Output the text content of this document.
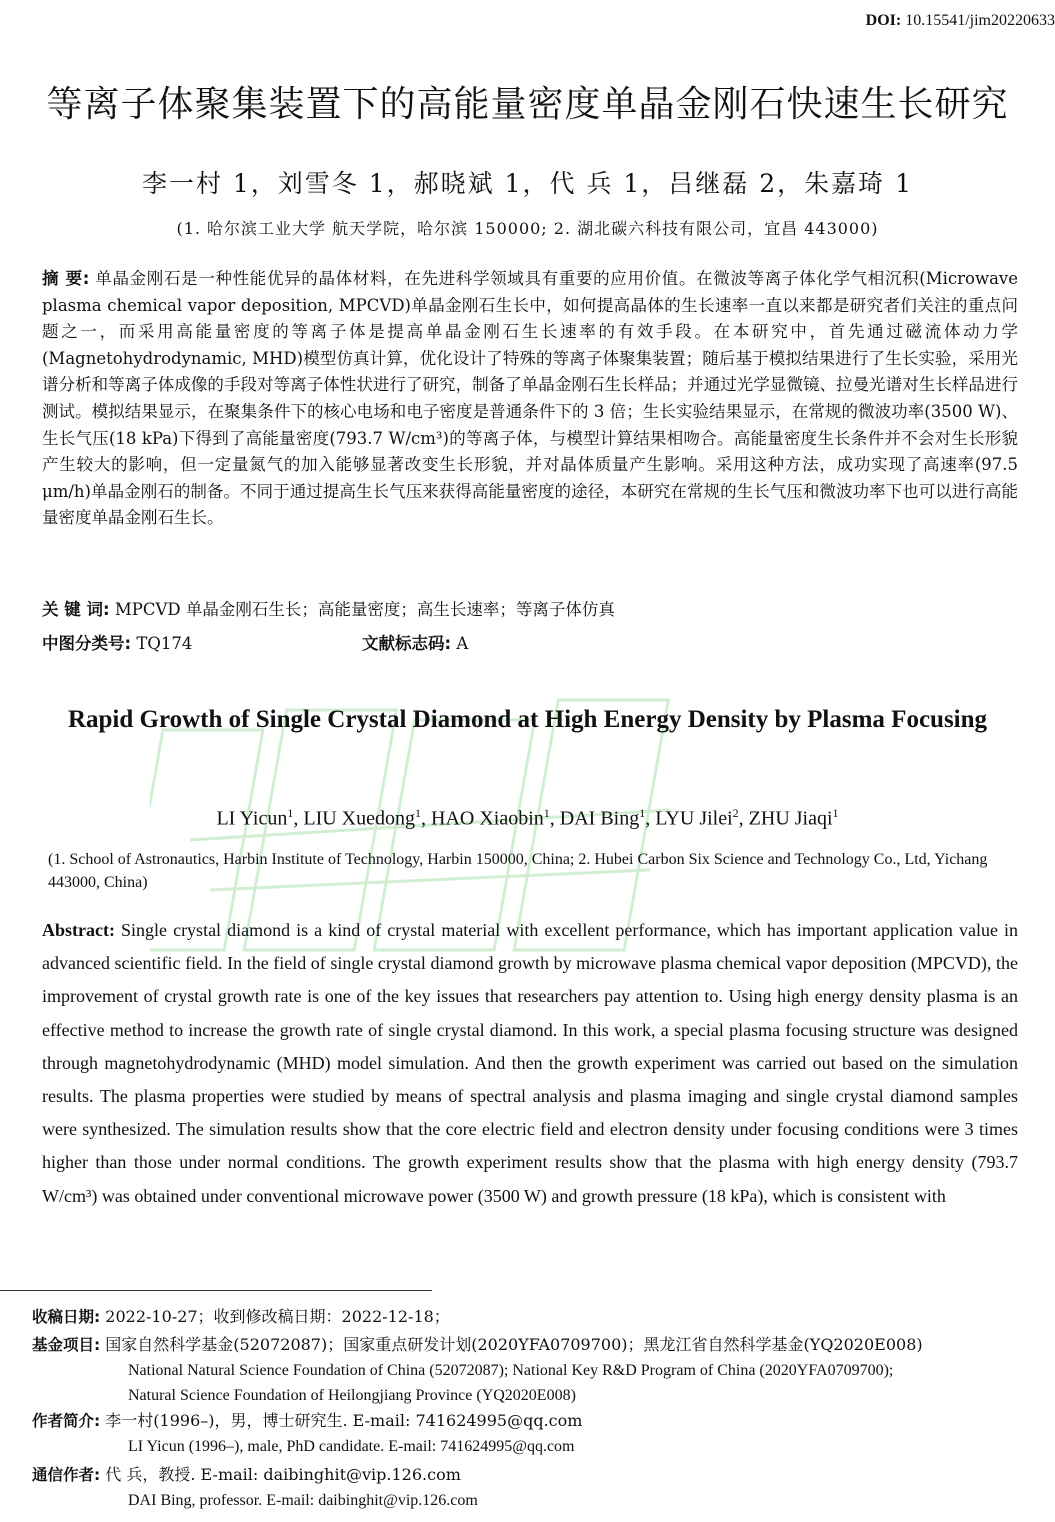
DOI: 10.15541/jim20220633
等离子体聚集装置下的高能量密度单晶金刚石快速生长研究
李一村 1，刘雪冬 1，郝晓斌 1，代 兵 1，吕继磊 2，朱嘉琦 1
(1. 哈尔滨工业大学 航天学院，哈尔滨 150000; 2. 湖北碳六科技有限公司，宜昌 443000)
摘 要: 单晶金刚石是一种性能优异的晶体材料，在先进科学领域具有重要的应用价值。在微波等离子体化学气相沉积(Microwave plasma chemical vapor deposition, MPCVD)单晶金刚石生长中，如何提高晶体的生长速率一直以来都是研究者们关注的重点问题之一，而采用高能量密度的等离子体是提高单晶金刚石生长速率的有效手段。在本研究中，首先通过磁流体动力学(Magnetohydrodynamic, MHD)模型仿真计算，优化设计了特殊的等离子体聚集装置；随后基于模拟结果进行了生长实验，采用光谱分析和等离子体成像的手段对等离子体性状进行了研究，制备了单晶金刚石生长样品；并通过光学显微镜、拉曼光谱对生长样品进行测试。模拟结果显示，在聚集条件下的核心电场和电子密度是普通条件下的 3 倍；生长实验结果显示，在常规的微波功率(3500 W)、生长气压(18 kPa)下得到了高能量密度(793.7 W/cm³)的等离子体，与模型计算结果相吻合。高能量密度生长条件并不会对生长形貌产生较大的影响，但一定量氮气的加入能够显著改变生长形貌，并对晶体质量产生影响。采用这种方法，成功实现了高速率(97.5 μm/h)单晶金刚石的制备。不同于通过提高生长气压来获得高能量密度的途径，本研究在常规的生长气压和微波功率下也可以进行高能量密度单晶金刚石生长。
关 键 词: MPCVD 单晶金刚石生长；高能量密度；高生长速率；等离子体仿真
中图分类号: TQ174	文献标志码: A
Rapid Growth of Single Crystal Diamond at High Energy Density by Plasma Focusing
LI Yicun$^1$, LIU Xuedong$^1$, HAO Xiaobin$^1$, DAI Bing$^1$, LYU Jilei$^2$, ZHU Jiaqi$^1$
(1. School of Astronautics, Harbin Institute of Technology, Harbin 150000, China; 2. Hubei Carbon Six Science and Technology Co., Ltd, Yichang 443000, China)
Abstract: Single crystal diamond is a kind of crystal material with excellent performance, which has important application value in advanced scientific field. In the field of single crystal diamond growth by microwave plasma chemical vapor deposition (MPCVD), the improvement of crystal growth rate is one of the key issues that researchers pay attention to. Using high energy density plasma is an effective method to increase the growth rate of single crystal diamond. In this work, a special plasma focusing structure was designed through magnetohydrodynamic (MHD) model simulation. And then the growth experiment was carried out based on the simulation results. The plasma properties were studied by means of spectral analysis and plasma imaging and single crystal diamond samples were synthesized. The simulation results show that the core electric field and electron density under focusing conditions were 3 times higher than those under normal conditions. The growth experiment results show that the plasma with high energy density (793.7 W/cm³) was obtained under conventional microwave power (3500 W) and growth pressure (18 kPa), which is consistent with
收稿日期: 2022-10-27；收到修改稿日期：2022-12-18；
基金项目: 国家自然科学基金(52072087)；国家重点研发计划(2020YFA0709700)；黑龙江省自然科学基金(YQ2020E008)
National Natural Science Foundation of China (52072087); National Key R&D Program of China (2020YFA0709700);
Natural Science Foundation of Heilongjiang Province (YQ2020E008)
作者简介: 李一村(1996–)，男，博士研究生. E-mail: 741624995@qq.com
LI Yicun (1996–), male, PhD candidate. E-mail: 741624995@qq.com
通信作者: 代 兵，教授. E-mail: daibinghit@vip.126.com
DAI Bing, professor. E-mail: daibinghit@vip.126.com
